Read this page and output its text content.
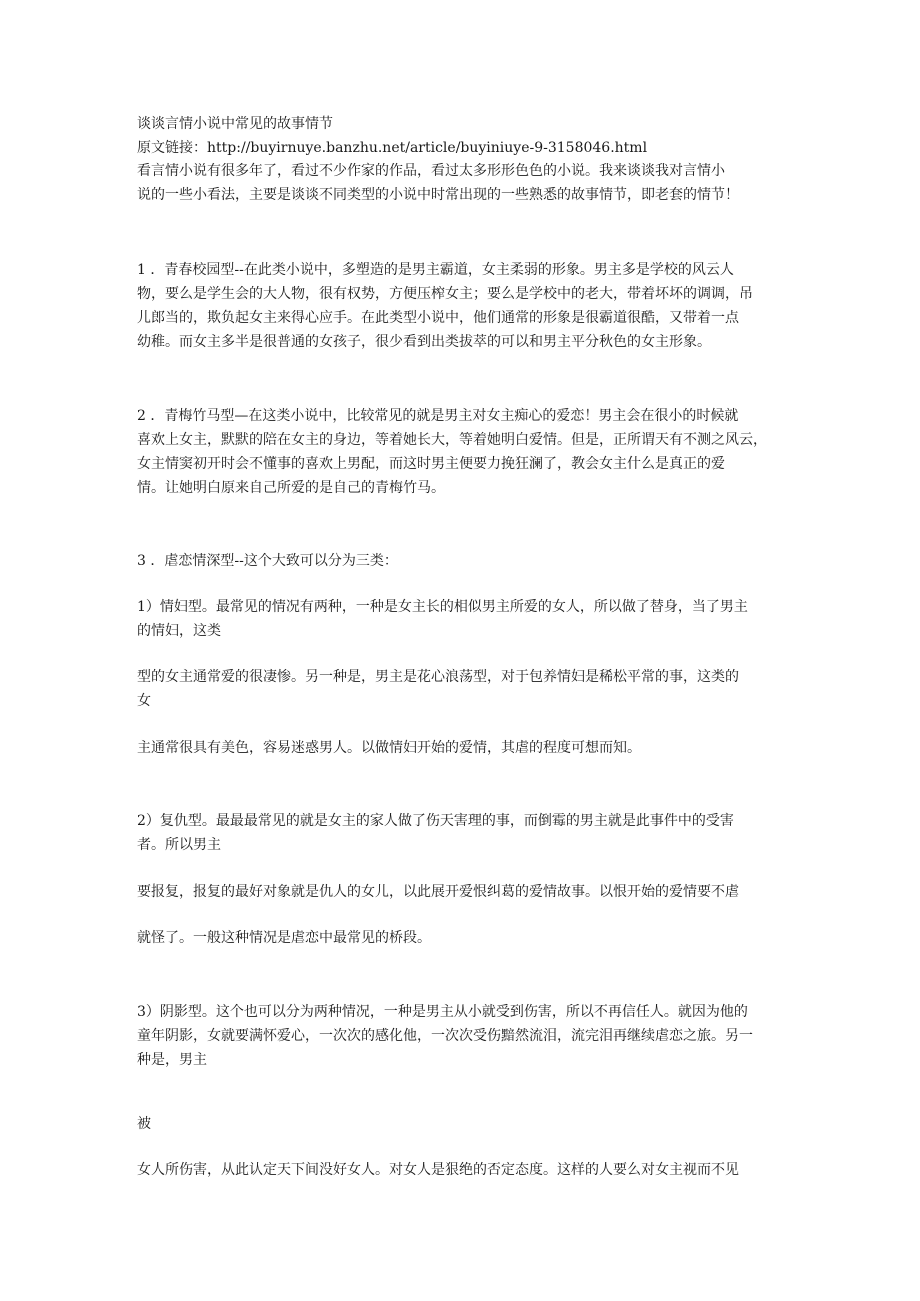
谈谈言情小说中常见的故事情节
原文链接：http://buyirnuye.banzhu.net/article/buyiniuye-9-3158046.html
看言情小说有很多年了，看过不少作家的作品，看过太多形形色色的小说。我来谈谈我对言情小
说的一些小看法，主要是谈谈不同类型的小说中时常出现的一些熟悉的故事情节，即老套的情节！
1 ．青春校园型--在此类小说中，多塑造的是男主霸道，女主柔弱的形象。男主多是学校的风云人
物，要么是学生会的大人物，很有权势，方便压榨女主；要么是学校中的老大，带着坏坏的调调，吊
儿郎当的，欺负起女主来得心应手。在此类型小说中，他们通常的形象是很霸道很酷，又带着一点
幼稚。而女主多半是很普通的女孩子，很少看到出类拔萃的可以和男主平分秋色的女主形象。
2 ．青梅竹马型—在这类小说中，比较常见的就是男主对女主痴心的爱恋！男主会在很小的时候就
喜欢上女主，默默的陪在女主的身边，等着她长大，等着她明白爱情。但是，正所谓天有不测之风云，
女主情窦初开时会不懂事的喜欢上男配，而这时男主便要力挽狂澜了，教会女主什么是真正的爱
情。让她明白原来自己所爱的是自己的青梅竹马。
3 ．虐恋情深型--这个大致可以分为三类：
1）情妇型。最常见的情况有两种，一种是女主长的相似男主所爱的女人，所以做了替身，当了男主
的情妇，这类
型的女主通常爱的很凄惨。另一种是，男主是花心浪荡型，对于包养情妇是稀松平常的事，这类的
女
主通常很具有美色，容易迷惑男人。以做情妇开始的爱情，其虐的程度可想而知。
2）复仇型。最最最常见的就是女主的家人做了伤天害理的事，而倒霉的男主就是此事件中的受害
者。所以男主
要报复，报复的最好对象就是仇人的女儿，以此展开爱恨纠葛的爱情故事。以恨开始的爱情要不虐
就怪了。一般这种情况是虐恋中最常见的桥段。
3）阴影型。这个也可以分为两种情况，一种是男主从小就受到伤害，所以不再信任人。就因为他的
童年阴影，女就要满怀爱心，一次次的感化他，一次次受伤黯然流泪，流完泪再继续虐恋之旅。另一
种是，男主
被
女人所伤害，从此认定天下间没好女人。对女人是狠绝的否定态度。这样的人要么对女主视而不见
